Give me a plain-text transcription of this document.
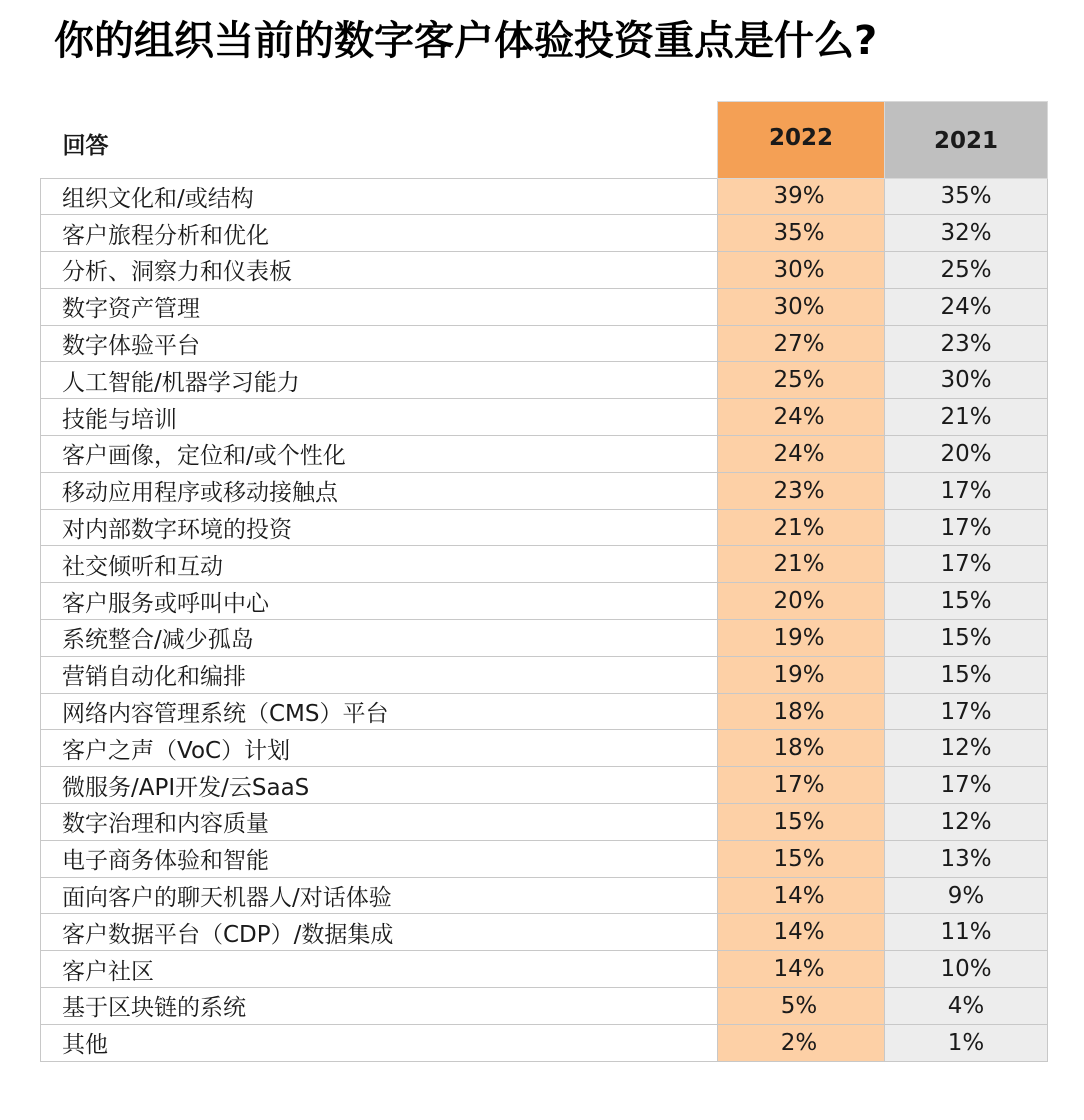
你的组织当前的数字客户体验投资重点是什么?
回答	2022	2021
组织文化和/或结构	39%	35%
客户旅程分析和优化	35%	32%
分析、洞察力和仪表板	30%	25%
数字资产管理	30%	24%
数字体验平台	27%	23%
人工智能/机器学习能力	25%	30%
技能与培训	24%	21%
客户画像，定位和/或个性化	24%	20%
移动应用程序或移动接触点	23%	17%
对内部数字环境的投资	21%	17%
社交倾听和互动	21%	17%
客户服务或呼叫中心	20%	15%
系统整合/减少孤岛	19%	15%
营销自动化和编排	19%	15%
网络内容管理系统（CMS）平台	18%	17%
客户之声（VoC）计划	18%	12%
微服务/API开发/云SaaS	17%	17%
数字治理和内容质量	15%	12%
电子商务体验和智能	15%	13%
面向客户的聊天机器人/对话体验	14%	9%
客户数据平台（CDP）/数据集成	14%	11%
客户社区	14%	10%
基于区块链的系统	5%	4%
其他	2%	1%
